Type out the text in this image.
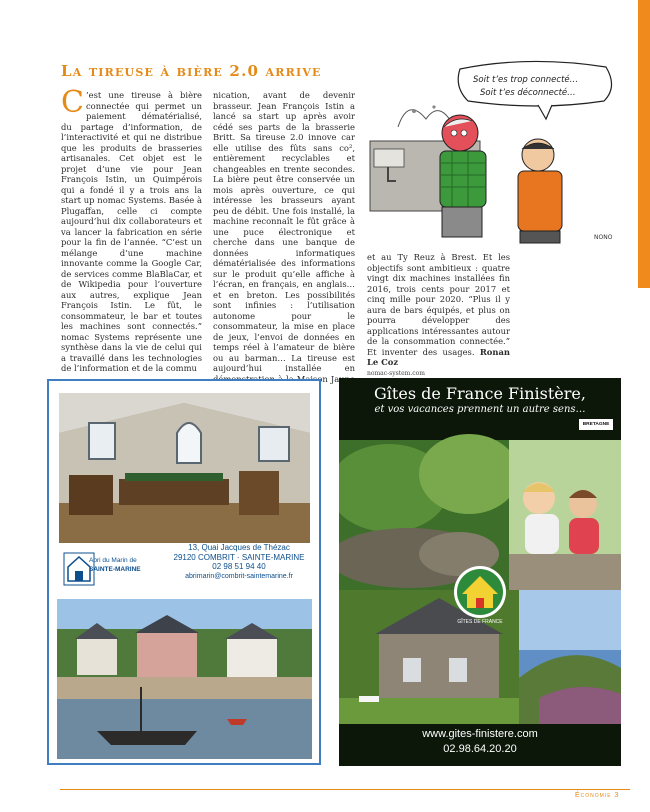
La tireuse à bière 2.0 arrive
C ’est une tireuse à bière connectée qui permet un paiement dématérialisé, du partage d’information, de l’interactivité et qui ne distribue que les produits de brasseries artisanales. Cet objet est le projet d’une vie pour Jean François Istin, un Quimpérois qui a fondé il y a trois ans la start up nomac Systems. Basée à Plugaffan, celle ci compte aujourd’hui dix collaborateurs et va lancer la fabrication en série pour la fin de l’année. “C’est un mélange d’une machine innovante comme la Google Car, de services comme BlaBlaCar, et de Wikipedia pour l’ouverture aux autres, explique Jean François Istin. Le fût, le consommateur, le bar et toutes les machines sont connectés.” nomac Systems représente une synthèse dans la vie de celui qui a travaillé dans les technologies de l’information et de la commu
nication, avant de devenir brasseur. Jean François Istin a lancé sa start up après avoir cédé ses parts de la brasserie Britt. Sa tireuse 2.0 innove car elle utilise des fûts sans co², entièrement recyclables et changeables en trente secondes. La bière peut être conservée un mois après ouverture, ce qui intéresse les brasseurs ayant peu de débit. Une fois installé, la machine reconnaît le fût grâce à une puce électronique et cherche dans une banque de données informatiques dématérialisée des informations sur le produit qu’elle affiche à l’écran, en français, en anglais… et en breton. Les possibilités sont infinies : l’utilisation autonome pour le consommateur, la mise en place de jeux, l’envoi de données en temps réel à l’amateur de bière ou au barman… La tireuse est aujourd’hui installée en
et au Ty Reuz à Brest. Et les objectifs sont ambitieux : quatre vingt dix machines installées fin 2016, trois cents pour 2017 et cinq mille pour 2020. “Plus il y aura de bars équipés, et plus on pourra développer des applications intéressantes autour de la consommation connectée.” Et inventer des usages. Ronan Le Coz
nomac-system.com
Soit t’es trop connecté…
Soit t’es déconnecté…
NONO
Abri du Marin de
SAINTE-MARINE
13, Quai Jacques de Thézac
29120 COMBRIT · SAINTE-MARINE
02 98 51 94 40
abrimarin@combrit-saintemarine.fr
GÎTES DE FRANCE
Gîtes de France Finistère,
et vos vacances prennent un autre sens…
BRETAGNE
www.gites-finistere.com
02.98.64.20.20
Économie 3
